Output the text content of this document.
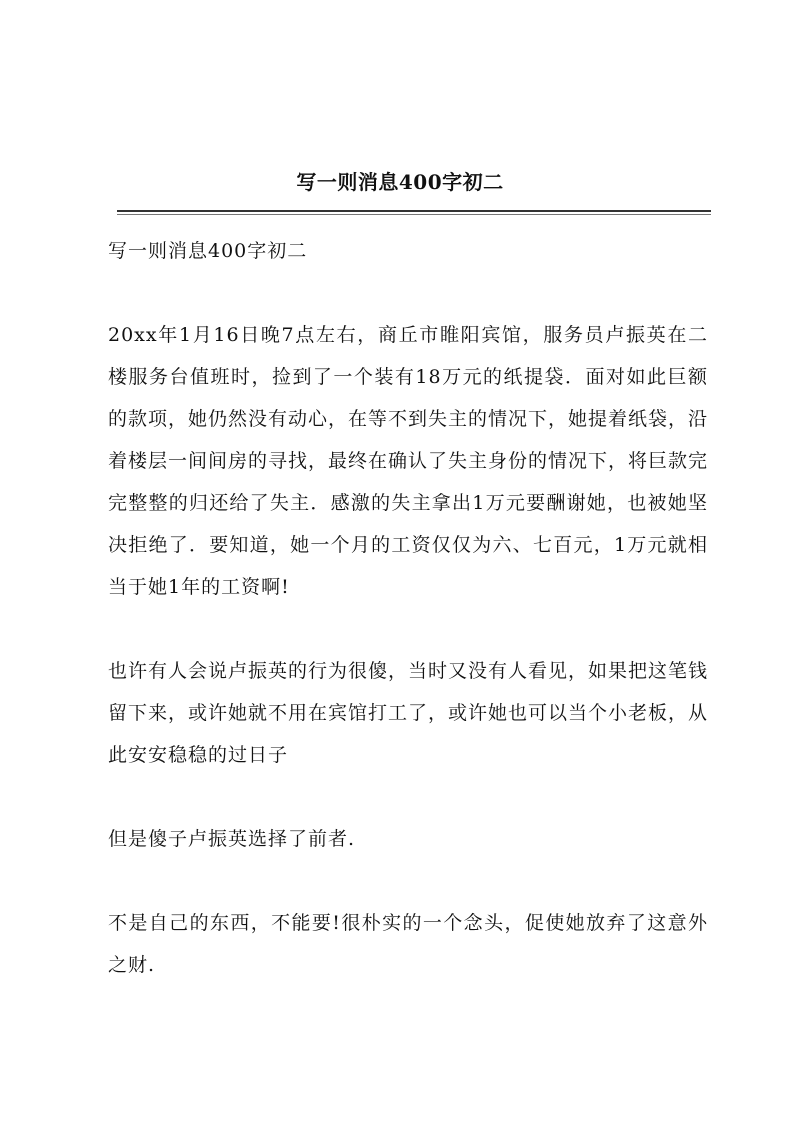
写一则消息400字初二

写一则消息400字初二

20xx年1月16日晚7点左右，商丘市睢阳宾馆，服务员卢振英在二楼服务台值班时，捡到了一个装有18万元的纸提袋．面对如此巨额的款项，她仍然没有动心，在等不到失主的情况下，她提着纸袋，沿着楼层一间间房的寻找，最终在确认了失主身份的情况下，将巨款完完整整的归还给了失主．感激的失主拿出1万元要酬谢她，也被她坚决拒绝了．要知道，她一个月的工资仅仅为六、七百元，1万元就相当于她1年的工资啊!

也许有人会说卢振英的行为很傻，当时又没有人看见，如果把这笔钱留下来，或许她就不用在宾馆打工了，或许她也可以当个小老板，从此安安稳稳的过日子

但是傻子卢振英选择了前者.

不是自己的东西，不能要!很朴实的一个念头，促使她放弃了这意外之财.
